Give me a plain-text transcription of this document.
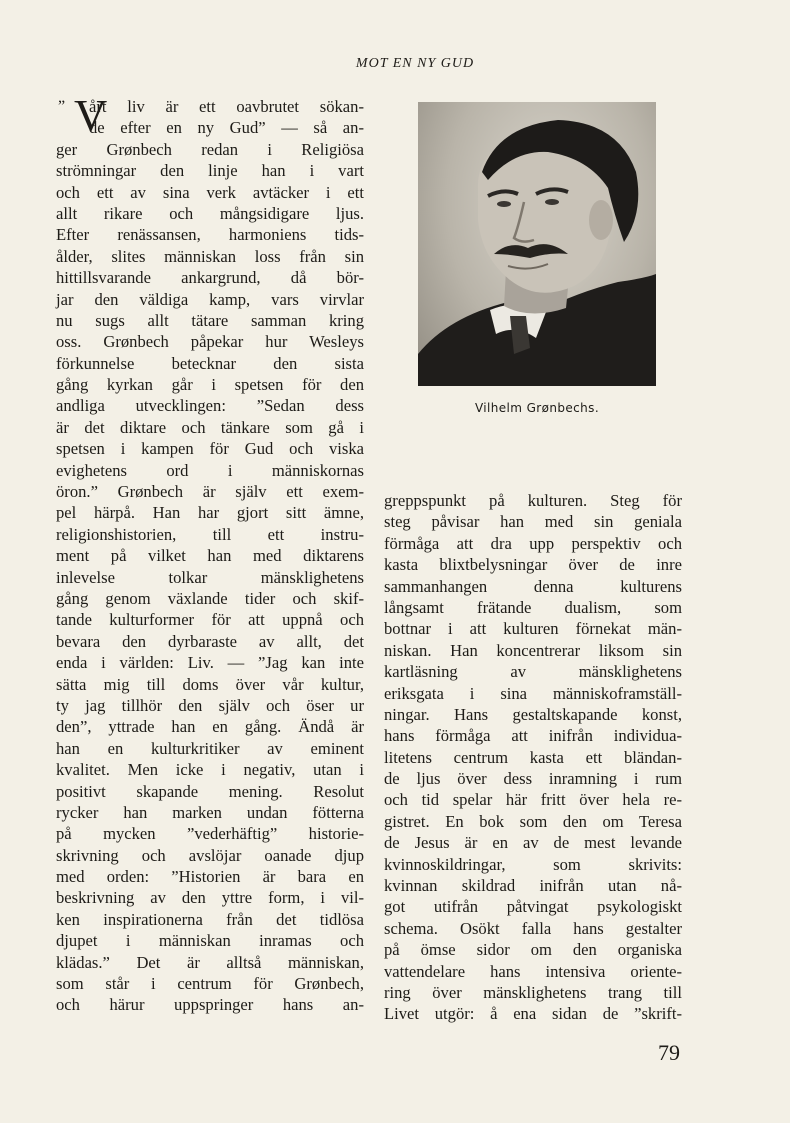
MOT EN NY GUD
” V
årt liv är ett oavbrutet sökan-
de efter en ny Gud” — så an-
ger Grønbech redan i Religiösa
strömningar den linje han i vart
och ett av sina verk avtäcker i ett
allt rikare och mångsidigare ljus.
Efter renässansen, harmoniens tids-
ålder, slites människan loss från sin
hittillsvarande ankargrund, då bör-
jar den väldiga kamp, vars virvlar
nu sugs allt tätare samman kring
oss. Grønbech påpekar hur Wesleys
förkunnelse betecknar den sista
gång kyrkan går i spetsen för den
andliga utvecklingen: ”Sedan dess
är det diktare och tänkare som gå i
spetsen i kampen för Gud och viska
evighetens ord i människornas
öron.” Grønbech är själv ett exem-
pel härpå. Han har gjort sitt ämne,
religionshistorien, till ett instru-
ment på vilket han med diktarens
inlevelse tolkar mänsklighetens
gång genom växlande tider och skif-
tande kulturformer för att uppnå och
bevara den dyrbaraste av allt, det
enda i världen: Liv. — ”Jag kan inte
sätta mig till doms över vår kultur,
ty jag tillhör den själv och öser ur
den”, yttrade han en gång. Ändå är
han en kulturkritiker av eminent
kvalitet. Men icke i negativ, utan i
positivt skapande mening. Resolut
rycker han marken undan fötterna
på mycken ”vederhäftig” historie-
skrivning och avslöjar oanade djup
med orden: ”Historien är bara en
beskrivning av den yttre form, i vil-
ken inspirationerna från det tidlösa
djupet i människan inramas och
klädas.” Det är alltså människan,
som står i centrum för Grønbech,
och härur uppspringer hans an-
Vilhelm Grønbechs.
greppspunkt på kulturen. Steg för
steg påvisar han med sin geniala
förmåga att dra upp perspektiv och
kasta blixtbelysningar över de inre
sammanhangen denna kulturens
långsamt frätande dualism, som
bottnar i att kulturen förnekat män-
niskan. Han koncentrerar liksom sin
kartläsning av mänsklighetens
eriksgata i sina människoframställ-
ningar. Hans gestaltskapande konst,
hans förmåga att inifrån individua-
litetens centrum kasta ett bländan-
de ljus över dess inramning i rum
och tid spelar här fritt över hela re-
gistret. En bok som den om Teresa
de Jesus är en av de mest levande
kvinnoskildringar, som skrivits:
kvinnan skildrad inifrån utan nå-
got utifrån påtvingat psykologiskt
schema. Osökt falla hans gestalter
på ömse sidor om den organiska
vattendelare hans intensiva oriente-
ring över mänsklighetens trang till
Livet utgör: å ena sidan de ”skrift-
79
